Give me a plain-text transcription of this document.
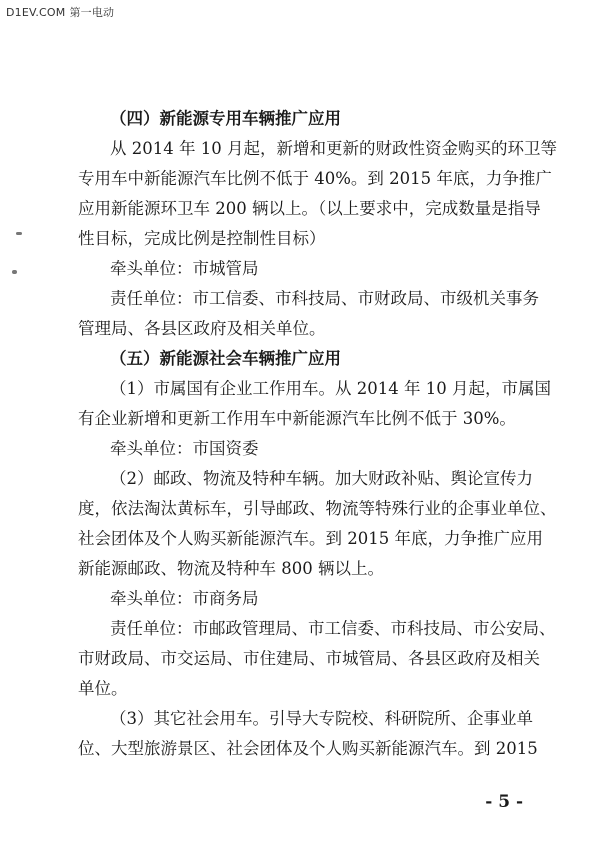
D1EV.COM 第一电动
（四）新能源专用车辆推广应用
从 2014 年 10 月起，新增和更新的财政性资金购买的环卫等
专用车中新能源汽车比例不低于 40%。到 2015 年底，力争推广
应用新能源环卫车 200 辆以上。（以上要求中，完成数量是指导
性目标，完成比例是控制性目标）
牵头单位：市城管局
责任单位：市工信委、市科技局、市财政局、市级机关事务
管理局、各县区政府及相关单位。
（五）新能源社会车辆推广应用
（1）市属国有企业工作用车。从 2014 年 10 月起，市属国
有企业新增和更新工作用车中新能源汽车比例不低于 30%。
牵头单位：市国资委
（2）邮政、物流及特种车辆。加大财政补贴、舆论宣传力
度，依法淘汰黄标车，引导邮政、物流等特殊行业的企事业单位、
社会团体及个人购买新能源汽车。到 2015 年底，力争推广应用
新能源邮政、物流及特种车 800 辆以上。
牵头单位：市商务局
责任单位：市邮政管理局、市工信委、市科技局、市公安局、
市财政局、市交运局、市住建局、市城管局、各县区政府及相关
单位。
（3）其它社会用车。引导大专院校、科研院所、企事业单
位、大型旅游景区、社会团体及个人购买新能源汽车。到 2015
- 5 -
